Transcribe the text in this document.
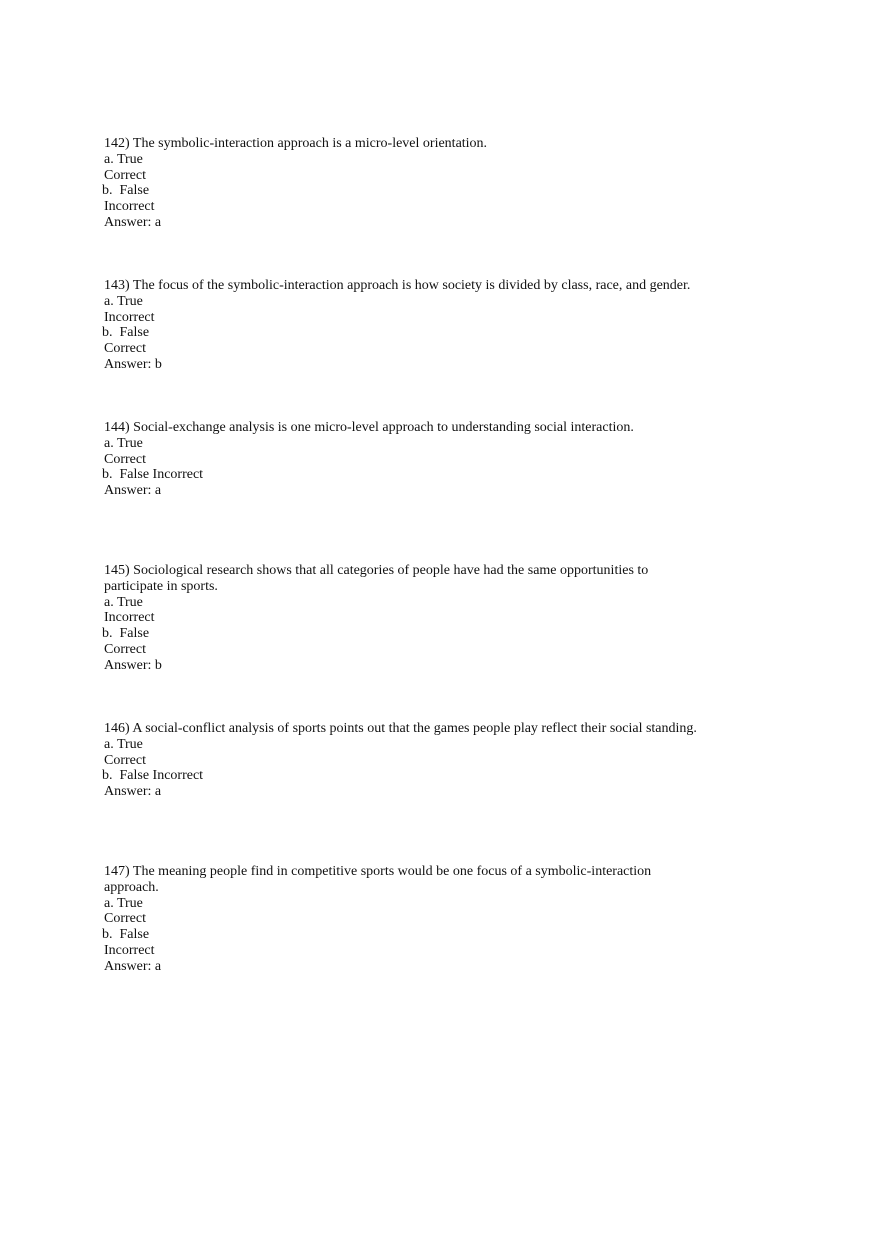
142) The symbolic-interaction approach is a micro-level orientation.
a. True
Correct
b.  False
Incorrect
Answer: a
143) The focus of the symbolic-interaction approach is how society is divided by class, race, and gender.
a. True
Incorrect
b.  False
Correct
Answer: b
144) Social-exchange analysis is one micro-level approach to understanding social interaction.
a. True
Correct
b.  False Incorrect
Answer: a
145) Sociological research shows that all categories of people have had the same opportunities to
participate in sports.
a. True
Incorrect
b.  False
Correct
Answer: b
146) A social-conflict analysis of sports points out that the games people play reflect their social standing.
a. True
Correct
b.  False Incorrect
Answer: a
147) The meaning people find in competitive sports would be one focus of a symbolic-interaction
approach.
a. True
Correct
b.  False
Incorrect
Answer: a
